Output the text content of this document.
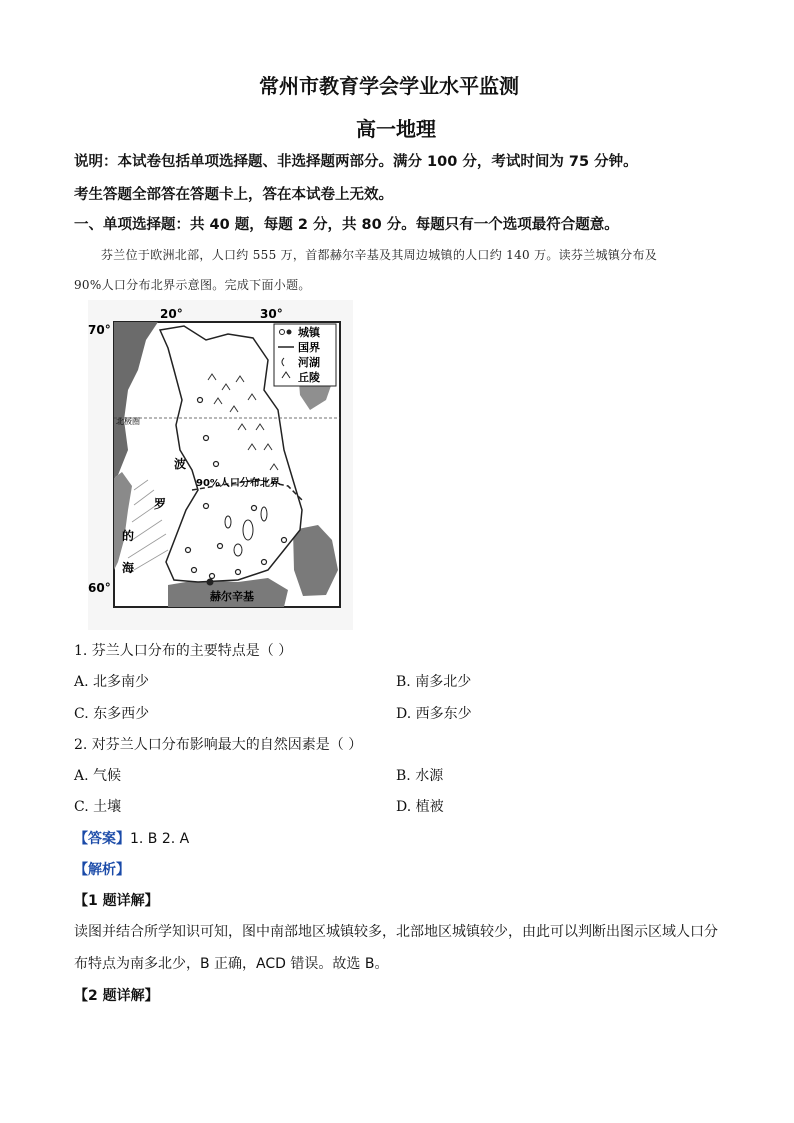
常州市教育学会学业水平监测
高一地理
说明：本试卷包括单项选择题、非选择题两部分。满分 100 分，考试时间为 75 分钟。
考生答题全部答在答题卡上，答在本试卷上无效。
一、单项选择题：共 40 题，每题 2 分，共 80 分。每题只有一个选项最符合题意。
芬兰位于欧洲北部，人口约 555 万，首都赫尔辛基及其周边城镇的人口约 140 万。读芬兰城镇分布及
90%人口分布北界示意图。完成下面小题。
20°	30°
70°
60°
北极圈
90%人口分布北界
波
罗
的
海
赫尔辛基
城镇
国界
河湖
丘陵
1. 芬兰人口分布的主要特点是（ ）
A. 北多南少	B. 南多北少
C. 东多西少	D. 西多东少
2. 对芬兰人口分布影响最大的自然因素是（ ）
A. 气候	B. 水源
C. 土壤	D. 植被
【答案】1. B 2. A
【解析】
【1 题详解】
读图并结合所学知识可知，图中南部地区城镇较多，北部地区城镇较少，由此可以判断出图示区域人口分
布特点为南多北少，B 正确，ACD 错误。故选 B。
【2 题详解】
